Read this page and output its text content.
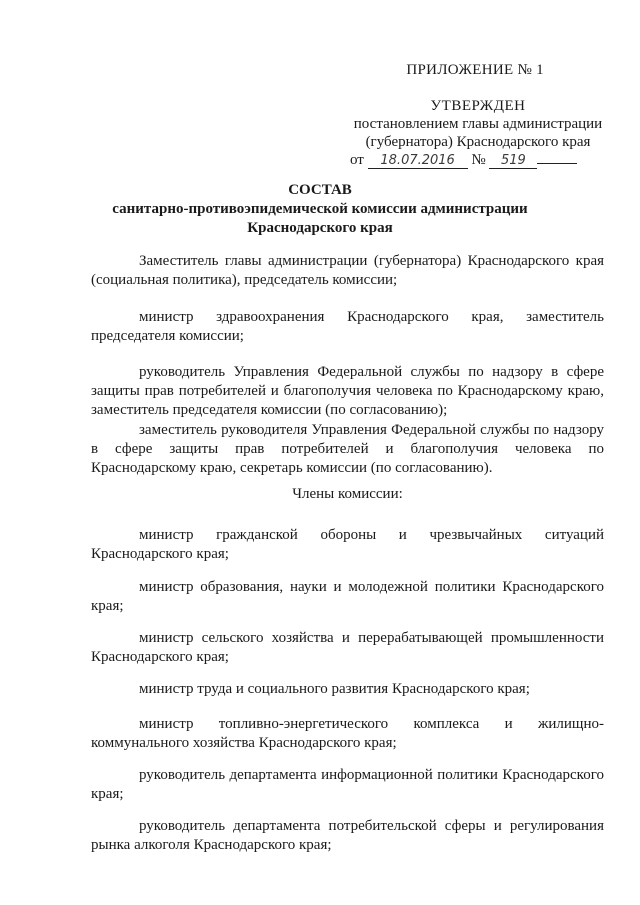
ПРИЛОЖЕНИЕ № 1
УТВЕРЖДЕН
постановлением главы администрации
(губернатора) Краснодарского края
от 18.07.2016 № 519
СОСТАВ
санитарно-противоэпидемической комиссии администрации
Краснодарского края

Заместитель главы администрации (губернатора) Краснодарского края (социальная политика), председатель комиссии;

министр здравоохранения Краснодарского края, заместитель председателя комиссии;

руководитель Управления Федеральной службы по надзору в сфере защиты прав потребителей и благополучия человека по Краснодарскому краю, заместитель председателя комиссии (по согласованию);

заместитель руководителя Управления Федеральной службы по надзору в сфере защиты прав потребителей и благополучия человека по Краснодарскому краю, секретарь комиссии (по согласованию).

Члены комиссии:

министр гражданской обороны и чрезвычайных ситуаций Краснодарского края;

министр образования, науки и молодежной политики Краснодарского края;

министр сельского хозяйства и перерабатывающей промышленности Краснодарского края;

министр труда и социального развития Краснодарского края;

министр топливно-энергетического комплекса и жилищно-коммунального хозяйства Краснодарского края;

руководитель департамента информационной политики Краснодарского края;

руководитель департамента потребительской сферы и регулирования рынка алкоголя Краснодарского края;
